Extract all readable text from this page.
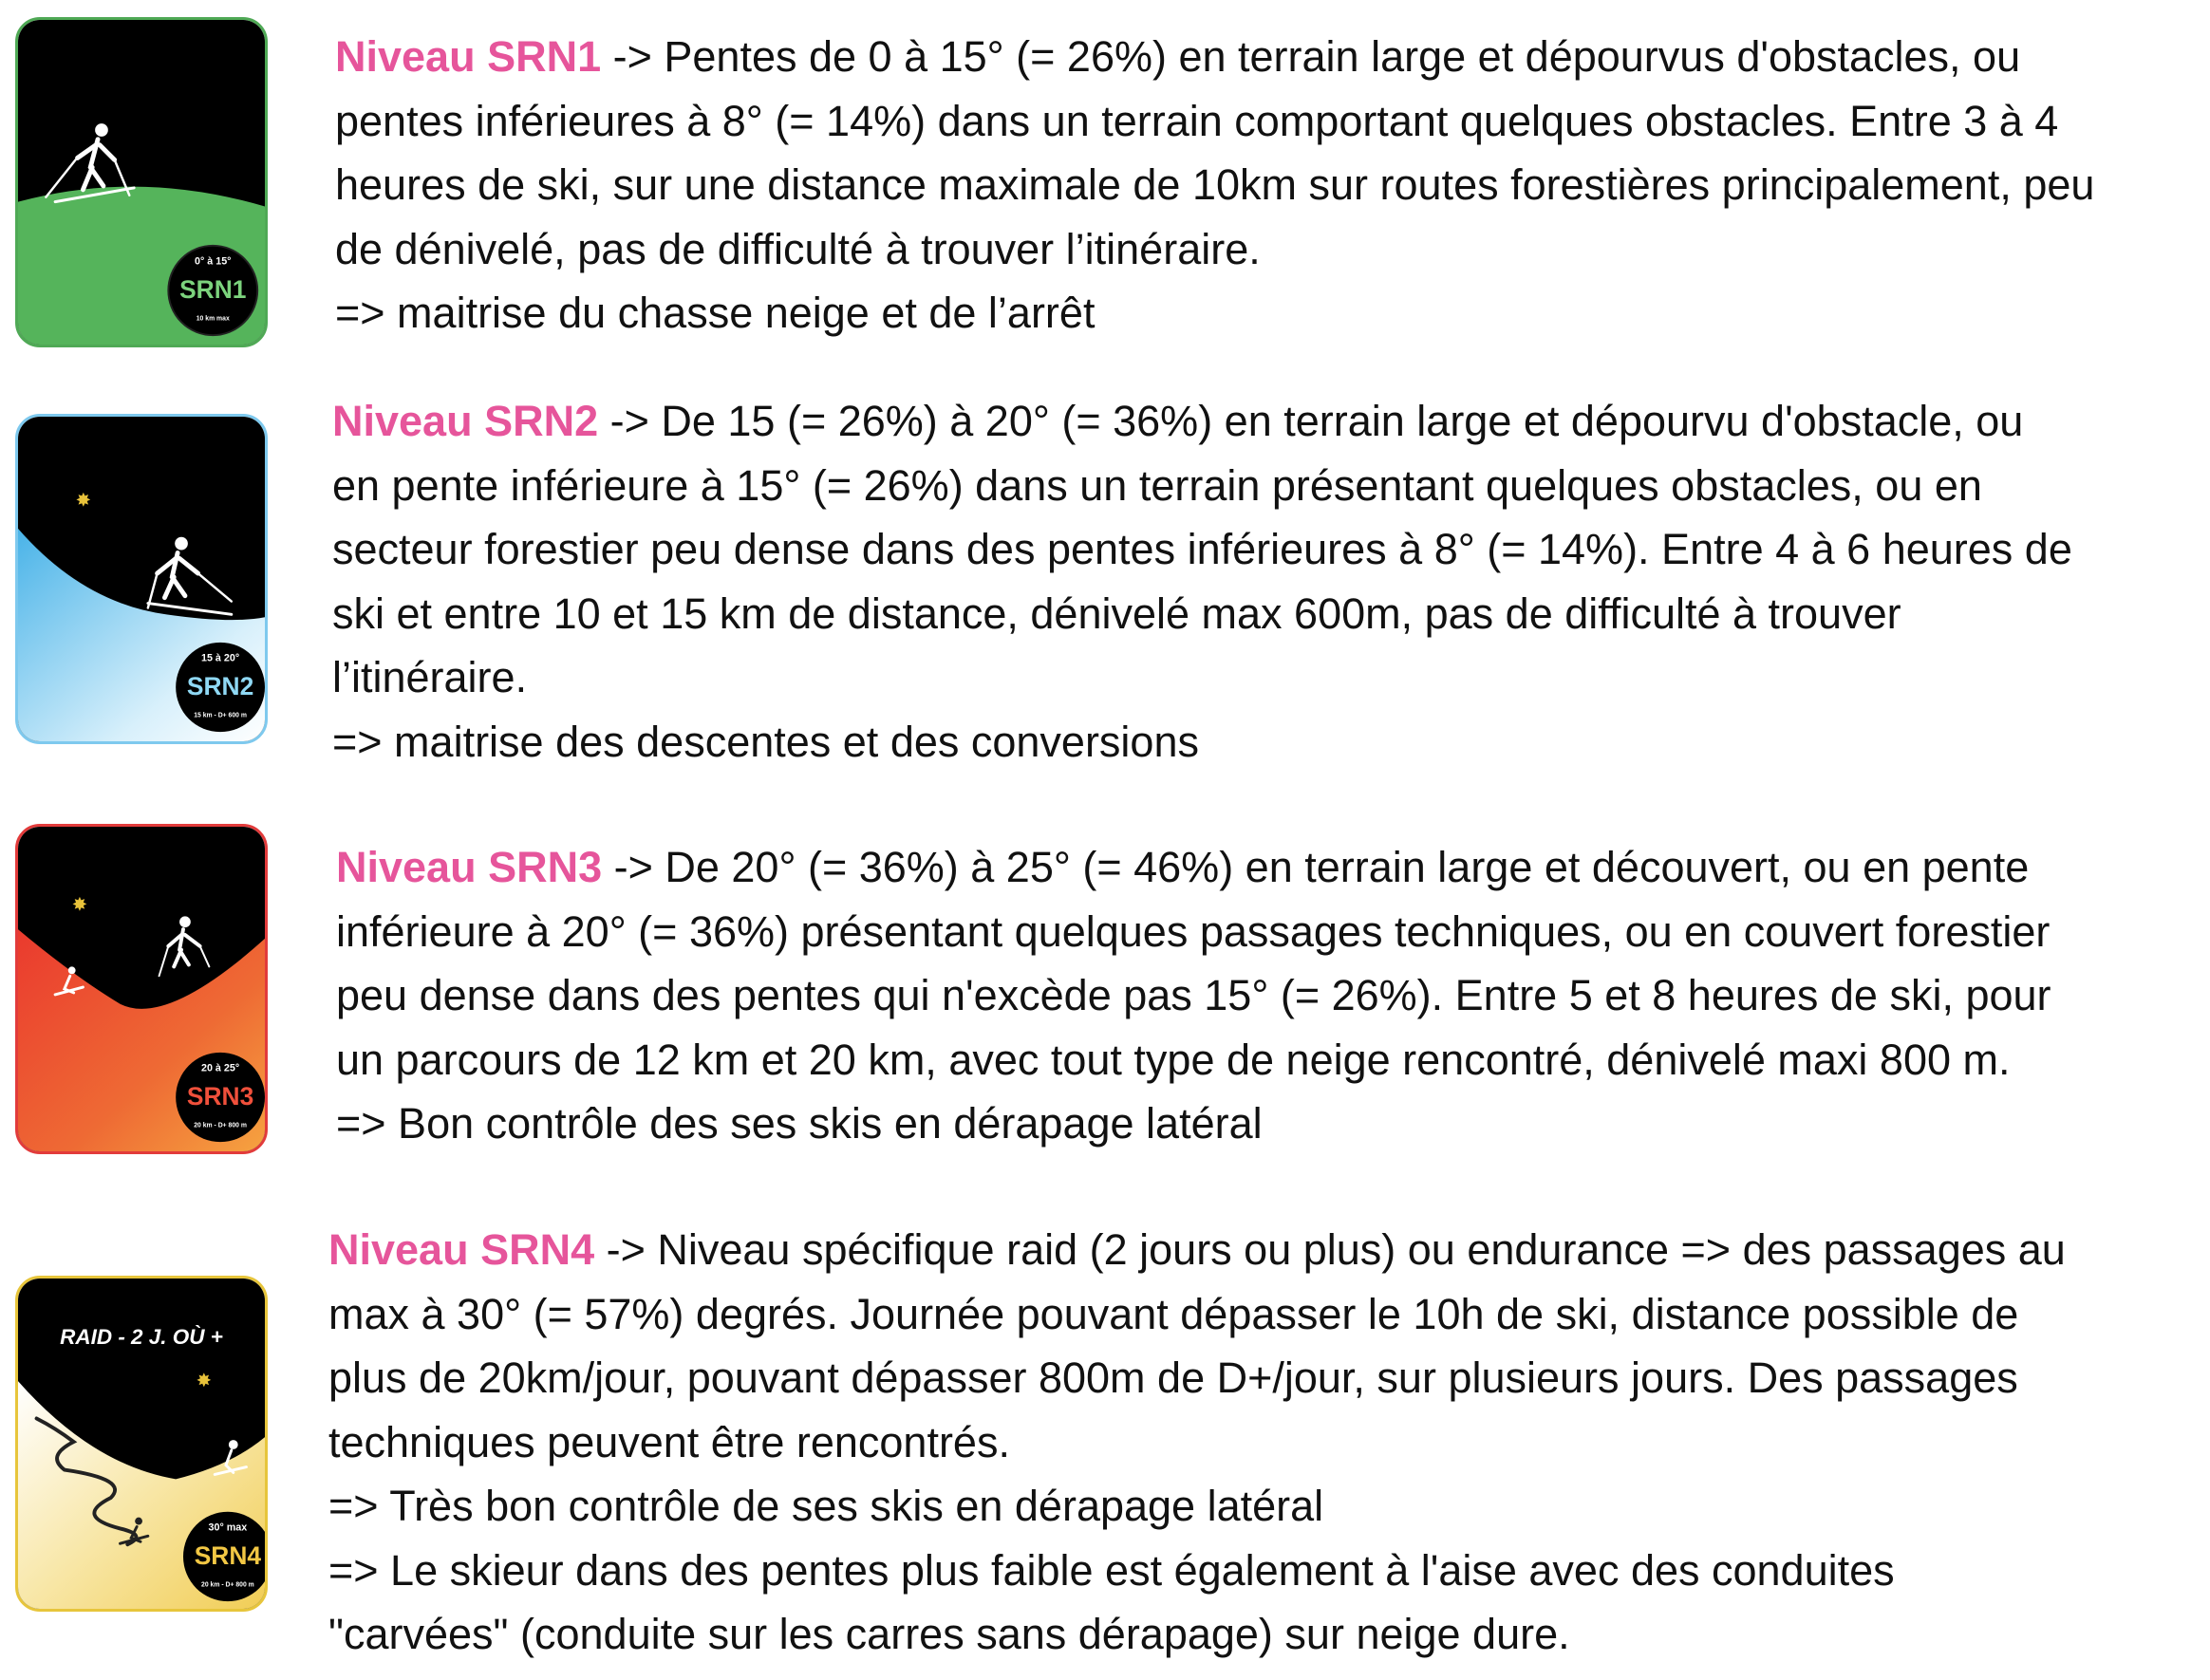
0° à 15°
SRN1
10 km max
✸
15 à 20°
SRN2
15 km - D+ 600 m
✸
20 à 25°
SRN3
20 km - D+ 800 m
RAID - 2 J. OÙ +
✸
30° max
SRN4
20 km - D+ 800 m

Niveau SRN1 -> Pentes de 0 à 15° (= 26%) en terrain large et dépourvus d'obstacles, ou

pentes inférieures à 8° (= 14%) dans un terrain comportant quelques obstacles. Entre 3 à 4

heures de ski, sur une distance maximale de 10km sur routes forestières principalement, peu

de dénivelé, pas de difficulté à trouver l’itinéraire.

=> maitrise du chasse neige et de l’arrêt

Niveau SRN2 -> De 15 (= 26%) à 20° (= 36%) en terrain large et dépourvu d'obstacle, ou

en pente inférieure à 15° (= 26%) dans un terrain présentant quelques obstacles, ou en

secteur forestier peu dense dans des pentes inférieures à 8° (= 14%). Entre 4 à 6 heures de

ski et entre 10 et 15 km de distance, dénivelé max 600m, pas de difficulté à trouver

l’itinéraire.

=> maitrise des descentes et des conversions

Niveau SRN3 -> De 20° (= 36%) à 25° (= 46%) en terrain large et découvert, ou en pente

inférieure à 20° (= 36%) présentant quelques passages techniques, ou en couvert forestier

peu dense dans des pentes qui n'excède pas 15° (= 26%). Entre 5 et 8 heures de ski, pour

un parcours de 12 km et 20 km, avec tout type de neige rencontré, dénivelé maxi 800 m.

=> Bon contrôle des ses skis en dérapage latéral

Niveau SRN4 -> Niveau spécifique raid (2 jours ou plus) ou endurance => des passages au

max à 30° (= 57%) degrés. Journée pouvant dépasser le 10h de ski, distance possible de

plus de 20km/jour, pouvant dépasser 800m de D+/jour, sur plusieurs jours. Des passages

techniques peuvent être rencontrés.

=> Très bon contrôle de ses skis en dérapage latéral

=> Le skieur dans des pentes plus faible est également à l'aise avec des conduites

"carvées" (conduite sur les carres sans dérapage) sur neige dure.
